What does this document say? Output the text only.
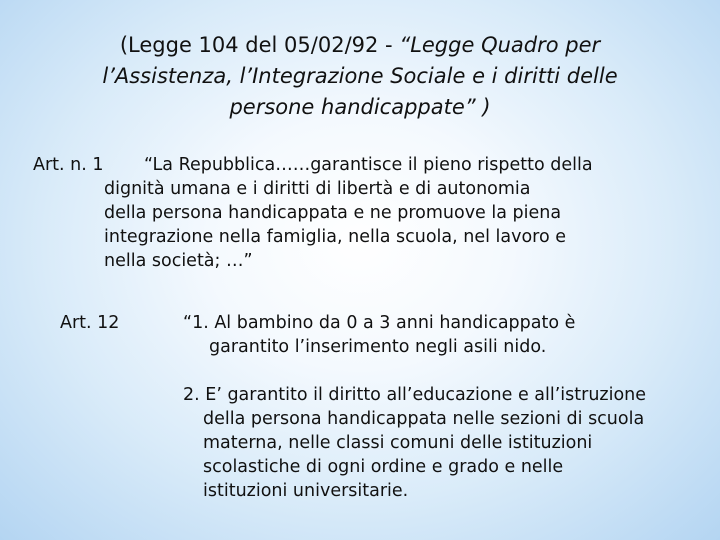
(Legge 104 del 05/02/92 - “Legge Quadro per
l’Assistenza, l’Integrazione Sociale e i diritti delle
persone handicappate” )
Art. n. 1 “La Repubblica……garantisce il pieno rispetto della
dignità umana e i diritti di libertà e di autonomia
della persona handicappata e ne promuove la piena
integrazione nella famiglia, nella scuola, nel lavoro e
nella società; …”
Art. 12	“1. Al bambino da 0 a 3 anni handicappato è
garantito l’inserimento negli asili nido.
2. E’ garantito il diritto all’educazione e all’istruzione
della persona handicappata nelle sezioni di scuola
materna, nelle classi comuni delle istituzioni
scolastiche di ogni ordine e grado e nelle
istituzioni universitarie.
